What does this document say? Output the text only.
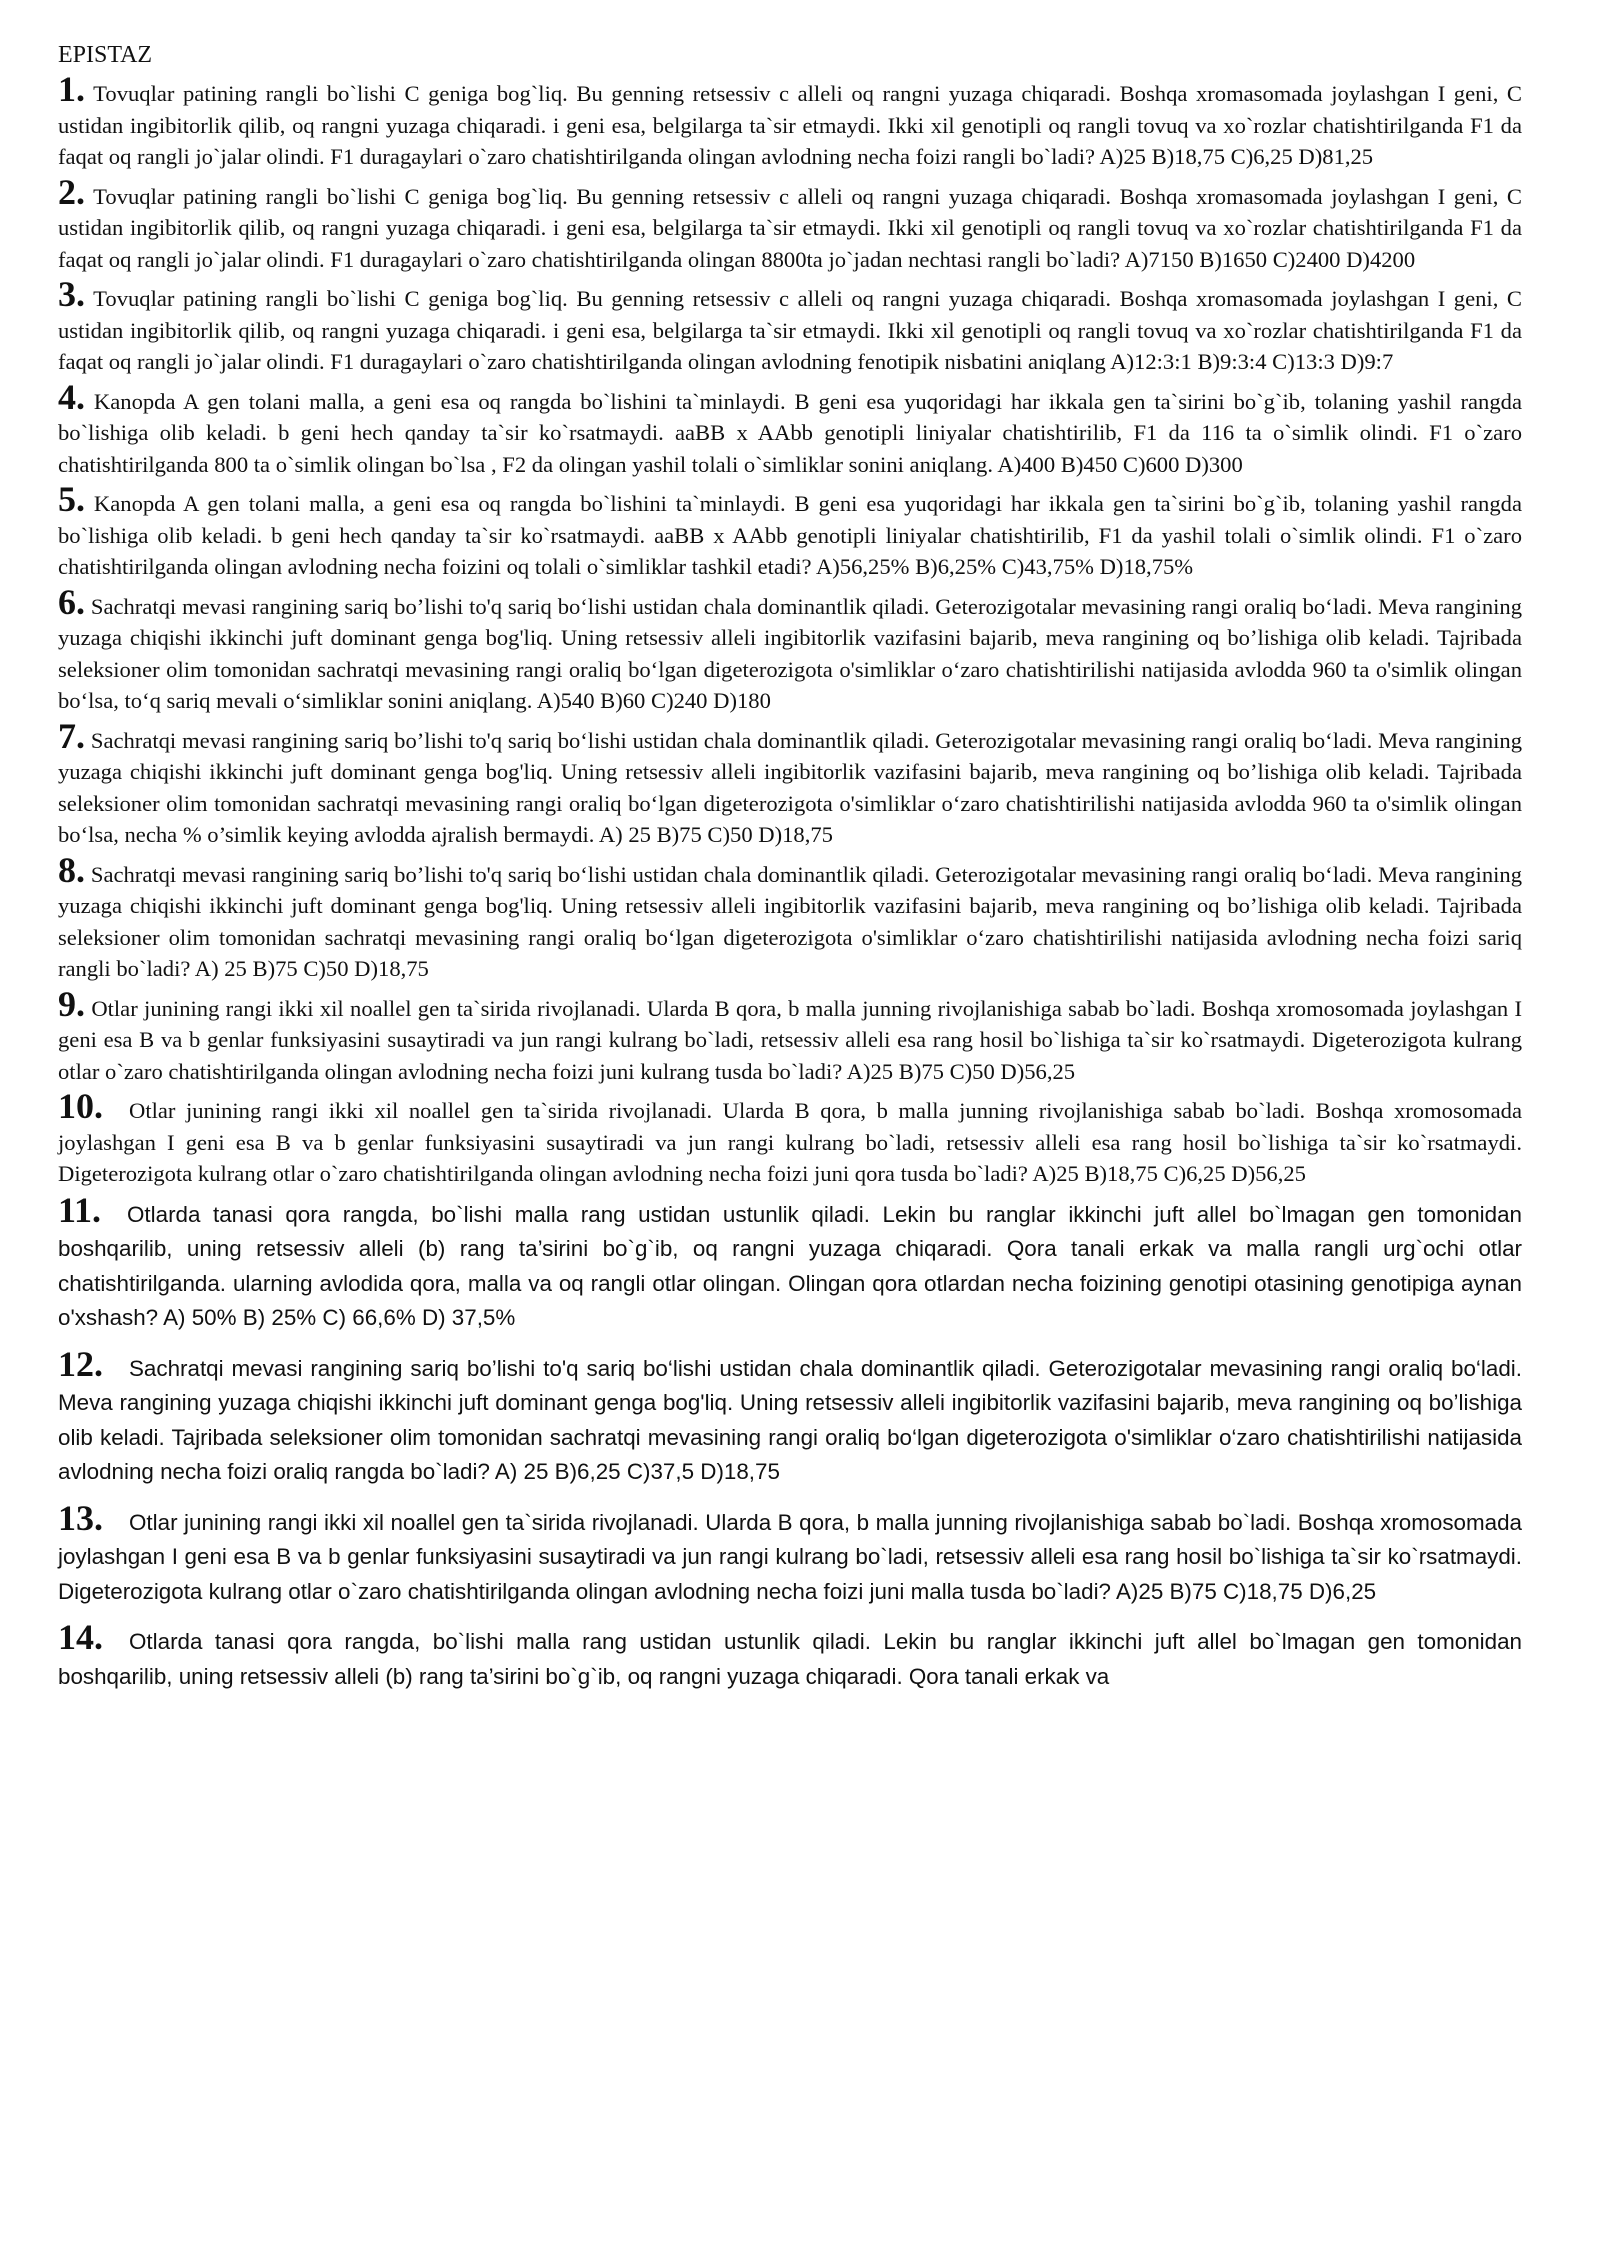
EPISTAZ
1. Tovuqlar patining rangli bo`lishi C geniga bog`liq. Bu genning retsessiv c alleli oq rangni yuzaga chiqaradi. Boshqa xromasomada joylashgan I geni, C ustidan ingibitorlik qilib, oq rangni yuzaga chiqaradi. i geni esa, belgilarga ta`sir etmaydi. Ikki xil genotipli oq rangli tovuq va xo`rozlar chatishtirilganda F1 da faqat oq rangli jo`jalar olindi. F1 duragaylari o`zaro chatishtirilganda olingan avlodning necha foizi rangli bo`ladi? A)25 B)18,75 C)6,25 D)81,25
2. Tovuqlar patining rangli bo`lishi C geniga bog`liq. Bu genning retsessiv c alleli oq rangni yuzaga chiqaradi. Boshqa xromasomada joylashgan I geni, C ustidan ingibitorlik qilib, oq rangni yuzaga chiqaradi. i geni esa, belgilarga ta`sir etmaydi. Ikki xil genotipli oq rangli tovuq va xo`rozlar chatishtirilganda F1 da faqat oq rangli jo`jalar olindi. F1 duragaylari o`zaro chatishtirilganda olingan 8800ta jo`jadan nechtasi rangli bo`ladi? A)7150 B)1650 C)2400 D)4200
3. Tovuqlar patining rangli bo`lishi C geniga bog`liq. Bu genning retsessiv c alleli oq rangni yuzaga chiqaradi. Boshqa xromasomada joylashgan I geni, C ustidan ingibitorlik qilib, oq rangni yuzaga chiqaradi. i geni esa, belgilarga ta`sir etmaydi. Ikki xil genotipli oq rangli tovuq va xo`rozlar chatishtirilganda F1 da faqat oq rangli jo`jalar olindi. F1 duragaylari o`zaro chatishtirilganda olingan avlodning fenotipik nisbatini aniqlang A)12:3:1 B)9:3:4 C)13:3 D)9:7
4. Kanopda A gen tolani malla, a geni esa oq rangda bo`lishini ta`minlaydi. B geni esa yuqoridagi har ikkala gen ta`sirini bo`g`ib, tolaning yashil rangda bo`lishiga olib keladi. b geni hech qanday ta`sir ko`rsatmaydi. aaBB x AAbb genotipli liniyalar chatishtirilib, F1 da 116 ta o`simlik olindi. F1 o`zaro chatishtirilganda 800 ta o`simlik olingan bo`lsa , F2 da olingan yashil tolali o`simliklar sonini aniqlang. A)400 B)450 C)600 D)300
5. Kanopda A gen tolani malla, a geni esa oq rangda bo`lishini ta`minlaydi. B geni esa yuqoridagi har ikkala gen ta`sirini bo`g`ib, tolaning yashil rangda bo`lishiga olib keladi. b geni hech qanday ta`sir ko`rsatmaydi. aaBB x AAbb genotipli liniyalar chatishtirilib, F1 da yashil tolali o`simlik olindi. F1 o`zaro chatishtirilganda olingan avlodning necha foizini oq tolali o`simliklar tashkil etadi? A)56,25% B)6,25% C)43,75% D)18,75%
6. Sachratqi mevasi rangining sariq bo’lishi to'q sariq bo‘lishi ustidan chala dominantlik qiladi. Geterozigotalar mevasining rangi oraliq bo‘ladi. Meva rangining yuzaga chiqishi ikkinchi juft dominant genga bog'liq. Uning retsessiv alleli ingibitorlik vazifasini bajarib, meva rangining oq bo’lishiga olib keladi. Tajribada seleksioner olim tomonidan sachratqi mevasining rangi oraliq bo‘lgan digeterozigota o'simliklar o‘zaro chatishtirilishi natijasida avlodda 960 ta o'simlik olingan bo‘lsa, to‘q sariq mevali o‘simliklar sonini aniqlang. A)540 B)60 C)240 D)180
7. Sachratqi mevasi rangining sariq bo’lishi to'q sariq bo‘lishi ustidan chala dominantlik qiladi. Geterozigotalar mevasining rangi oraliq bo‘ladi. Meva rangining yuzaga chiqishi ikkinchi juft dominant genga bog'liq. Uning retsessiv alleli ingibitorlik vazifasini bajarib, meva rangining oq bo’lishiga olib keladi. Tajribada seleksioner olim tomonidan sachratqi mevasining rangi oraliq bo‘lgan digeterozigota o'simliklar o‘zaro chatishtirilishi natijasida avlodda 960 ta o'simlik olingan bo‘lsa, necha % o’simlik keying avlodda ajralish bermaydi. A) 25 B)75 C)50 D)18,75
8. Sachratqi mevasi rangining sariq bo’lishi to'q sariq bo‘lishi ustidan chala dominantlik qiladi. Geterozigotalar mevasining rangi oraliq bo‘ladi. Meva rangining yuzaga chiqishi ikkinchi juft dominant genga bog'liq. Uning retsessiv alleli ingibitorlik vazifasini bajarib, meva rangining oq bo’lishiga olib keladi. Tajribada seleksioner olim tomonidan sachratqi mevasining rangi oraliq bo‘lgan digeterozigota o'simliklar o‘zaro chatishtirilishi natijasida avlodning necha foizi sariq rangli bo`ladi? A) 25 B)75 C)50 D)18,75
9. Otlar junining rangi ikki xil noallel gen ta`sirida rivojlanadi. Ularda B qora, b malla junning rivojlanishiga sabab bo`ladi. Boshqa xromosomada joylashgan I geni esa B va b genlar funksiyasini susaytiradi va jun rangi kulrang bo`ladi, retsessiv alleli esa rang hosil bo`lishiga ta`sir ko`rsatmaydi. Digeterozigota kulrang otlar o`zaro chatishtirilganda olingan avlodning necha foizi juni kulrang tusda bo`ladi? A)25 B)75 C)50 D)56,25
10. Otlar junining rangi ikki xil noallel gen ta`sirida rivojlanadi. Ularda B qora, b malla junning rivojlanishiga sabab bo`ladi. Boshqa xromosomada joylashgan I geni esa B va b genlar funksiyasini susaytiradi va jun rangi kulrang bo`ladi, retsessiv alleli esa rang hosil bo`lishiga ta`sir ko`rsatmaydi. Digeterozigota kulrang otlar o`zaro chatishtirilganda olingan avlodning necha foizi juni qora tusda bo`ladi? A)25 B)18,75 C)6,25 D)56,25
11. Otlarda tanasi qora rangda, bo`lishi malla rang ustidan ustunlik qiladi. Lekin bu ranglar ikkinchi juft allel bo`lmagan gen tomonidan boshqarilib, uning retsessiv alleli (b) rang ta’sirini bo`g`ib, oq rangni yuzaga chiqaradi. Qora tanali erkak va malla rangli urg`ochi otlar chatishtirilganda. ularning avlodida qora, malla va oq rangli otlar olingan. Olingan qora otlardan necha foizining genotipi otasining genotipiga aynan o'xshash? A) 50% B) 25% C) 66,6% D) 37,5%
12. Sachratqi mevasi rangining sariq bo’lishi to'q sariq bo‘lishi ustidan chala dominantlik qiladi. Geterozigotalar mevasining rangi oraliq bo‘ladi. Meva rangining yuzaga chiqishi ikkinchi juft dominant genga bog'liq. Uning retsessiv alleli ingibitorlik vazifasini bajarib, meva rangining oq bo’lishiga olib keladi. Tajribada seleksioner olim tomonidan sachratqi mevasining rangi oraliq bo‘lgan digeterozigota o'simliklar o‘zaro chatishtirilishi natijasida avlodning necha foizi oraliq rangda bo`ladi? A) 25 B)6,25 C)37,5 D)18,75
13. Otlar junining rangi ikki xil noallel gen ta`sirida rivojlanadi. Ularda B qora, b malla junning rivojlanishiga sabab bo`ladi. Boshqa xromosomada joylashgan I geni esa B va b genlar funksiyasini susaytiradi va jun rangi kulrang bo`ladi, retsessiv alleli esa rang hosil bo`lishiga ta`sir ko`rsatmaydi. Digeterozigota kulrang otlar o`zaro chatishtirilganda olingan avlodning necha foizi juni malla tusda bo`ladi? A)25 B)75 C)18,75 D)6,25
14. Otlarda tanasi qora rangda, bo`lishi malla rang ustidan ustunlik qiladi. Lekin bu ranglar ikkinchi juft allel bo`lmagan gen tomonidan boshqarilib, uning retsessiv alleli (b) rang ta’sirini bo`g`ib, oq rangni yuzaga chiqaradi. Qora tanali erkak va
